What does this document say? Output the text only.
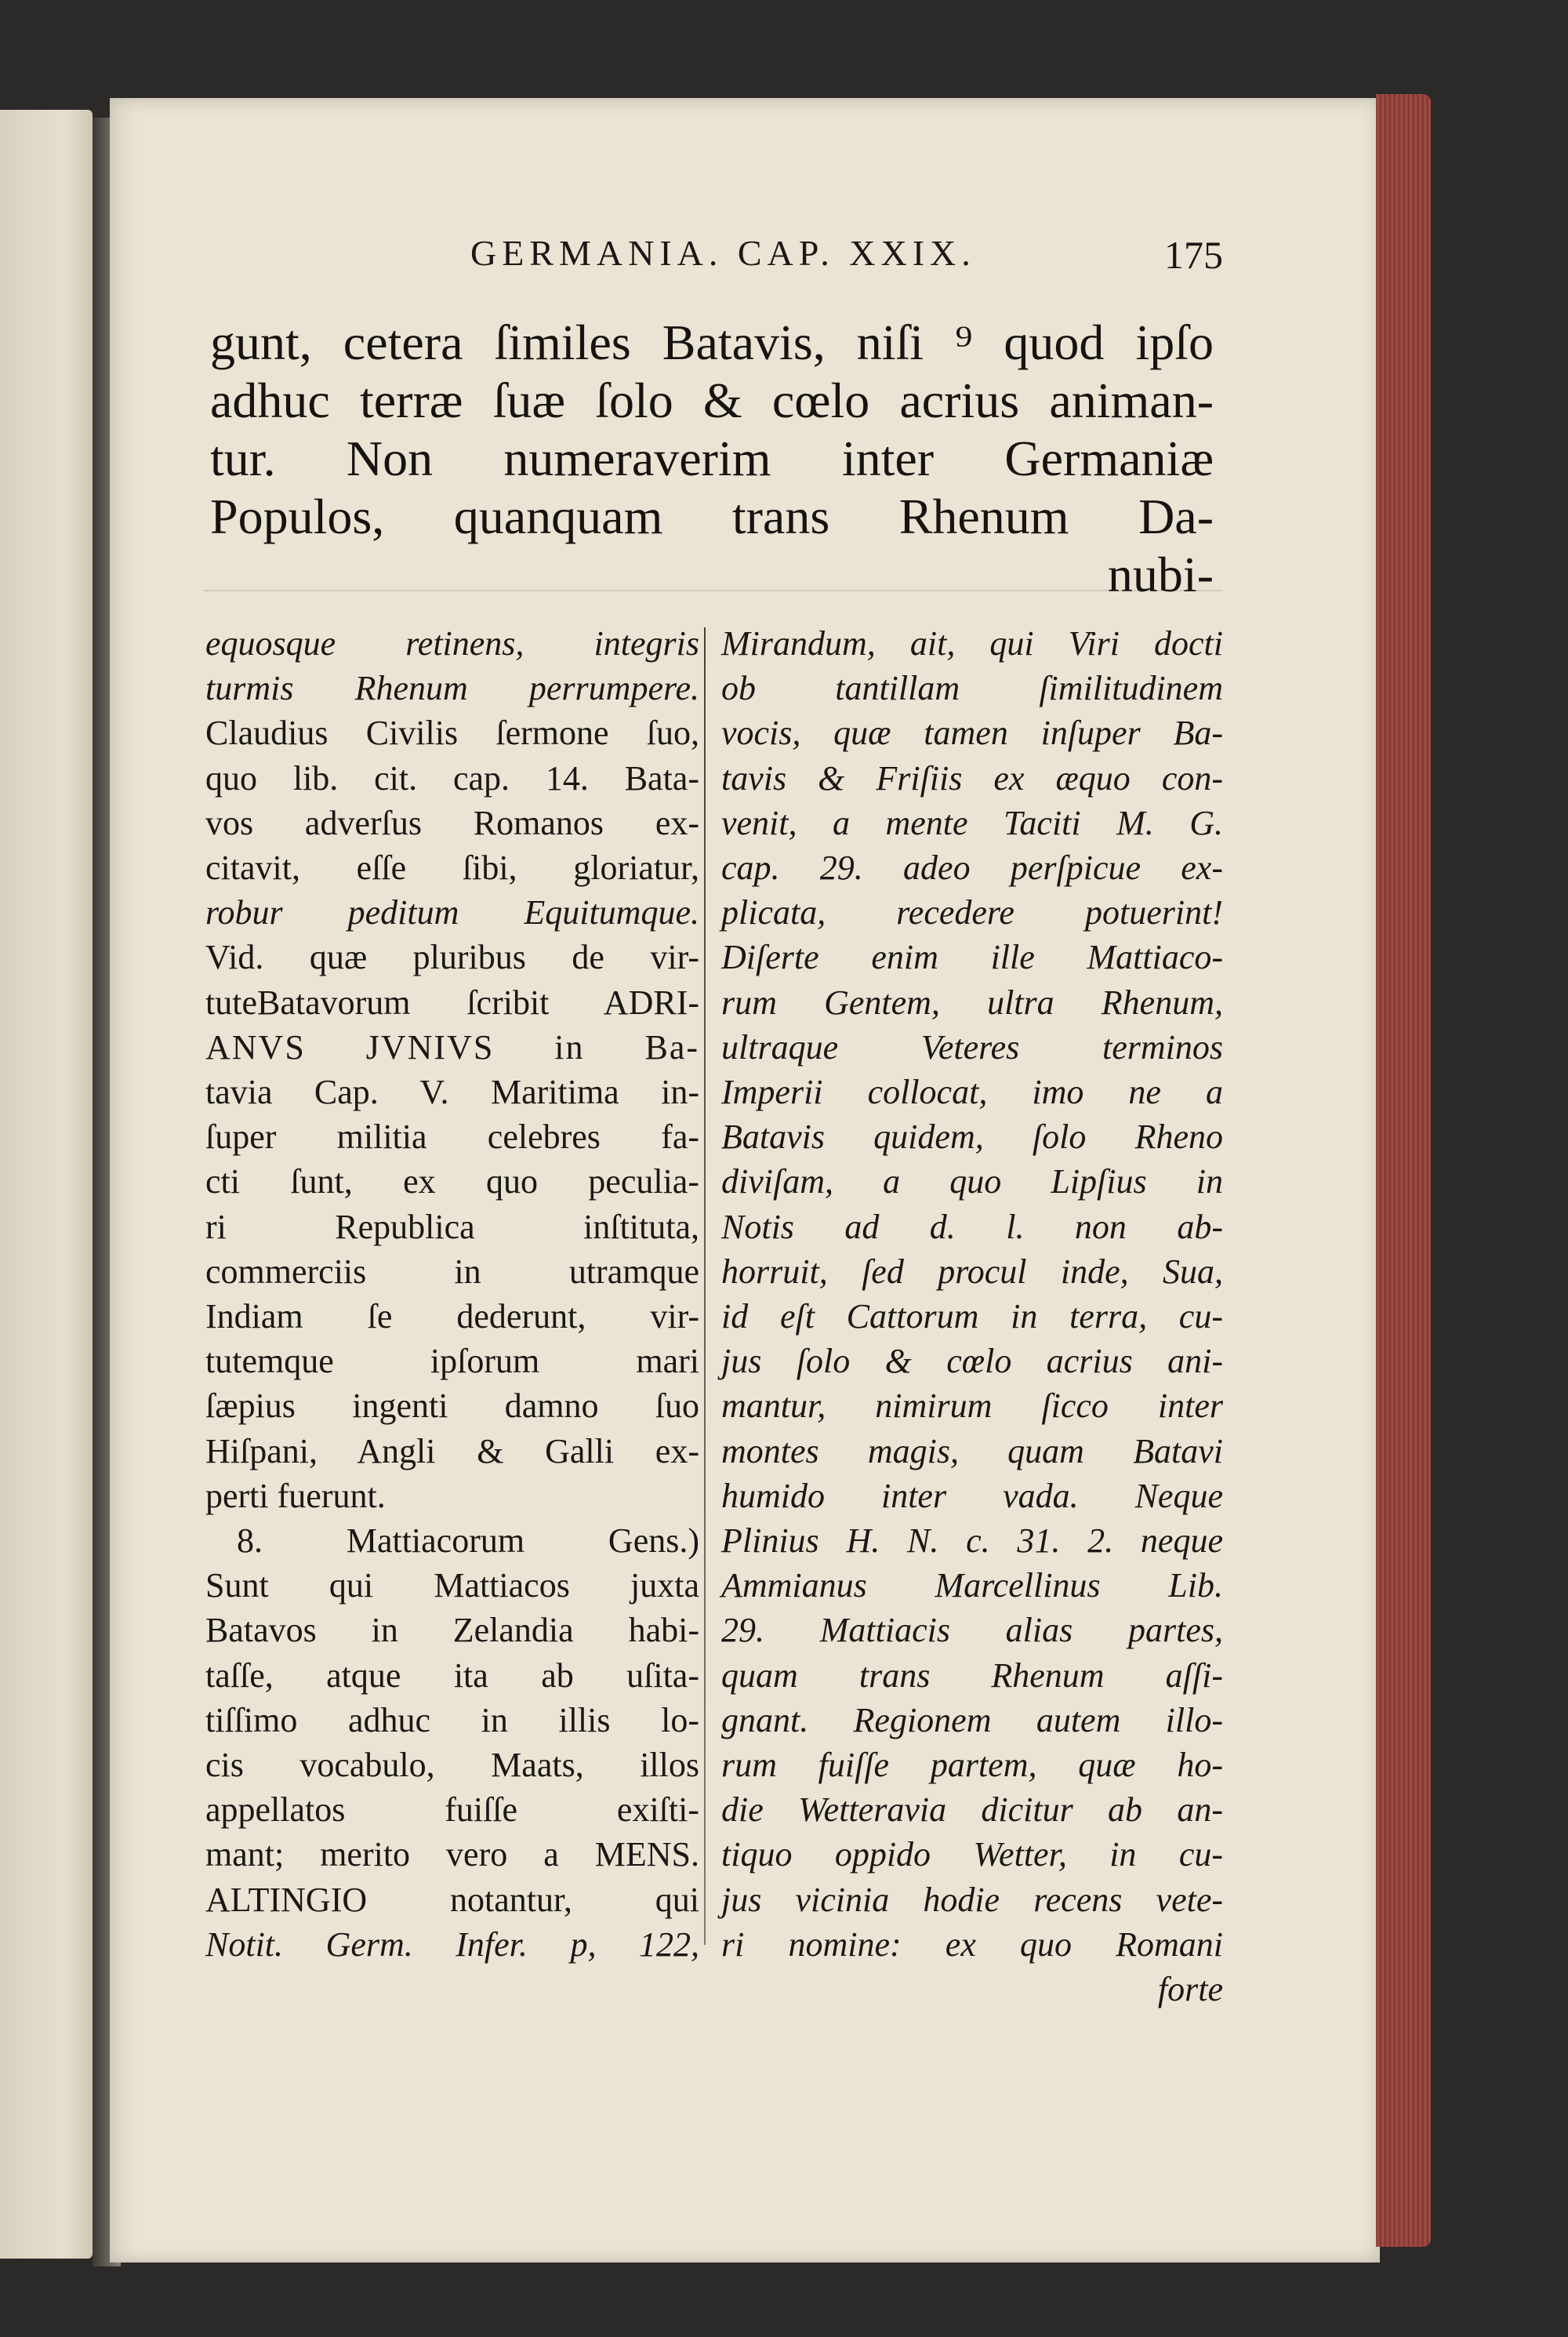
GERMANIA. CAP. XXIX.	175
gunt, cetera ſimiles Batavis, niſi ⁹ quod ipſo
adhuc terræ ſuæ ſolo & cœlo acrius animan-
tur. Non numeraverim inter Germaniæ
Populos, quanquam trans Rhenum Da-
nubi-
equosque retinens, integris
turmis Rhenum perrumpere.
Claudius Civilis ſermone ſuo,
quo lib. cit. cap. 14. Bata-
vos adverſus Romanos ex-
citavit, eſſe ſibi, gloriatur,
robur peditum Equitumque.
Vid. quæ pluribus de vir-
tuteBatavorum ſcribit ADRI-
ANVS JVNIVS in Ba-
tavia Cap. V. Maritima in-
ſuper militia celebres fa-
cti ſunt, ex quo peculia-
ri Republica inſtituta,
commerciis in utramque
Indiam ſe dederunt, vir-
tutemque ipſorum mari
ſæpius ingenti damno ſuo
Hiſpani, Angli & Galli ex-
perti fuerunt.
8. Mattiacorum Gens.)
Sunt qui Mattiacos juxta
Batavos in Zelandia habi-
taſſe, atque ita ab uſita-
tiſſimo adhuc in illis lo-
cis vocabulo, Maats, illos
appellatos fuiſſe exiſti-
mant; merito vero a MENS.
ALTINGIO notantur, qui
Notit. Germ. Infer. p, 122,
Mirandum, ait, qui Viri docti
ob tantillam ſimilitudinem
vocis, quæ tamen inſuper Ba-
tavis & Friſiis ex æquo con-
venit, a mente Taciti M. G.
cap. 29. adeo perſpicue ex-
plicata, recedere potuerint!
Diſerte enim ille Mattiaco-
rum Gentem, ultra Rhenum,
ultraque Veteres terminos
Imperii collocat, imo ne a
Batavis quidem, ſolo Rheno
diviſam, a quo Lipſius in
Notis ad d. l. non ab-
horruit, ſed procul inde, Sua,
id eſt Cattorum in terra, cu-
jus ſolo & cœlo acrius ani-
mantur, nimirum ſicco inter
montes magis, quam Batavi
humido inter vada. Neque
Plinius H. N. c. 31. 2. neque
Ammianus Marcellinus Lib.
29. Mattiacis alias partes,
quam trans Rhenum aſſi-
gnant. Regionem autem illo-
rum fuiſſe partem, quæ ho-
die Wetteravia dicitur ab an-
tiquo oppido Wetter, in cu-
jus vicinia hodie recens vete-
ri nomine: ex quo Romani
forte
